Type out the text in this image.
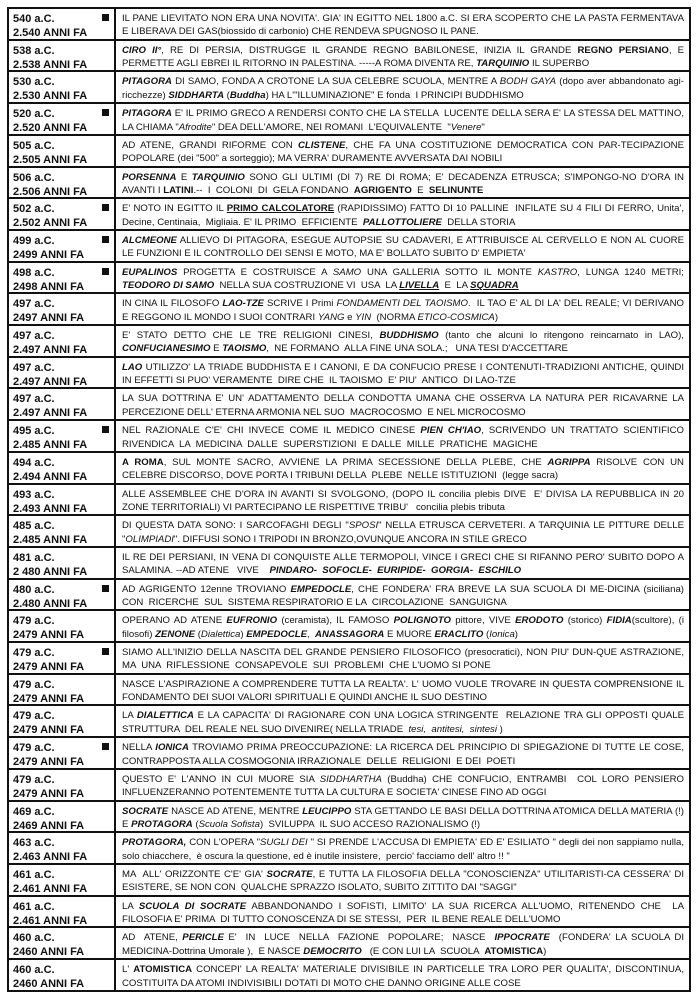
540 a.C.
2.540 ANNI FA
IL PANE LIEVITATO NON ERA UNA NOVITA'. GIA' IN EGITTO NEL 1800 a.C. SI ERA SCOPERTO CHE LA PASTA FERMENTAVA E LIBERAVA DEI GAS(biossido di carbonio) CHE RENDEVA SPUGNOSO IL PANE.
538 a.C.
2.538 ANNI FA
CIRO II°, RE DI PERSIA, DISTRUGGE IL GRANDE REGNO BABILONESE, INIZIA IL GRANDE REGNO PERSIANO, E PERMETTE AGLI EBREI IL RITORNO IN PALESTINA. -----A ROMA DIVENTA RE, TARQUINIO IL SUPERBO
530 a.C.
2.530 ANNI FA
PITAGORA DI SAMO, FONDA A CROTONE LA SUA CELEBRE SCUOLA, MENTRE A BODH GAYA (dopo aver abbandonato agi-ricchezze) SIDDHARTA (Buddha) HA L'"ILLUMINAZIONE" E fonda  I PRINCIPI BUDDHISMO
520 a.C.
2.520 ANNI FA
PITAGORA E' IL PRIMO GRECO A RENDERSI CONTO CHE LA STELLA  LUCENTE DELLA SERA E' LA STESSA DEL MATTINO, LA CHIAMA "Afrodite" DEA DELL'AMORE, NEI ROMANI  L'EQUIVALENTE  "Venere"
505 a.C.
2.505 ANNI FA
AD ATENE, GRANDI RIFORME CON CLISTENE, CHE FA UNA COSTITUZIONE DEMOCRATICA CON PAR-TECIPAZIONE POPOLARE (dei "500" a sorteggio); MA VERRA' DURAMENTE AVVERSATA DAI NOBILI
506 a.C.
2.506 ANNI FA
PORSENNA E TARQUINIO SONO GLI ULTIMI (DI 7) RE DI ROMA; E' DECADENZA ETRUSCA; S'IMPONGO-NO D'ORA IN AVANTI I LATINI.--  I  COLONI  DI  GELA FONDANO  AGRIGENTO  E  SELINUNTE
502 a.C.
2.502 ANNI FA
E' NOTO IN EGITTO IL PRIMO CALCOLATORE (RAPIDISSIMO) FATTO DI 10 PALLINE  INFILATE SU 4 FILI DI FERRO, Unita', Decine, Centinaia,  Migliaia. E' IL PRIMO  EFFICIENTE  PALLOTTOLIERE  DELLA STORIA
499 a.C.
2499 ANNI FA
ALCMEONE ALLIEVO DI PITAGORA, ESEGUE AUTOPSIE SU CADAVERI, E ATTRIBUISCE AL CERVELLO E NON AL CUORE LE FUNZIONI E IL CONTROLLO DEI SENSI E MOTO, MA E' BOLLATO SUBITO D' EMPIETA'
498 a.C.
2498 ANNI FA
EUPALINOS PROGETTA E COSTRUISCE A SAMO UNA GALLERIA SOTTO IL MONTE KASTRO, LUNGA 1240 METRI; TEODORO DI SAMO  NELLA SUA COSTRUZIONE VI  USA  LA LIVELLA  E  LA SQUADRA
497 a.C.
2497 ANNI FA
IN CINA IL FILOSOFO LAO-TZE SCRIVE I Primi FONDAMENTI DEL TAOISMO.  IL TAO E' AL DI LA' DEL REALE; VI DERIVANO E REGGONO IL MONDO I SUOI CONTRARI YANG e YIN  (NORMA ETICO-COSMICA)
497 a.C.
2.497 ANNI FA
E' STATO DETTO CHE LE TRE RELIGIONI CINESI, BUDDHISMO (tanto che alcuni lo ritengono reincarnato in LAO), CONFUCIANESIMO E TAOISMO,  NE FORMANO  ALLA FINE UNA SOLA.;   UNA TESI D'ACCETTARE
497 a.C.
2.497 ANNI FA
LAO UTILIZZO' LA TRIADE BUDDHISTA E I CANONI, E DA CONFUCIO PRESE I CONTENUTI-TRADIZIONI ANTICHE, QUINDI IN EFFETTI SI PUO' VERAMENTE  DIRE CHE  IL TAOISMO  E' PIU'  ANTICO  DI LAO-TZE
497 a.C.
2.497 ANNI FA
LA SUA DOTTRINA E' UN' ADATTAMENTO DELLA CONDOTTA UMANA CHE OSSERVA LA NATURA PER RICAVARNE LA PERCEZIONE DELL' ETERNA ARMONIA NEL SUO  MACROCOSMO  E NEL MICROCOSMO
495 a.C.
2.485 ANNI FA
NEL RAZIONALE C'E' CHI INVECE COME IL MEDICO CINESE PIEN CH'IAO, SCRIVENDO UN TRATTATO SCIENTIFICO RIVENDICA  LA  MEDICINA  DALLE  SUPERSTIZIONI  E DALLE  MILLE  PRATICHE  MAGICHE
494 a.C.
2.494 ANNI FA
A ROMA, SUL MONTE SACRO, AVVIENE LA PRIMA SECESSIONE DELLA PLEBE, CHE AGRIPPA RISOLVE CON UN CELEBRE DISCORSO, DOVE PORTA I TRIBUNI DELLA  PLEBE  NELLE ISTITUZIONI  (legge sacra)
493 a.C.
2.493 ANNI FA
ALLE ASSEMBLEE CHE D'ORA IN AVANTI SI SVOLGONO, (DOPO IL concilia plebis DIVE  E' DIVISA LA REPUBBLICA IN 20 ZONE TERRITORIALI) VI PARTECIPANO LE RISPETTIVE TRIBU'   concilia plebis tributa
485 a.C.
2.485 ANNI FA
DI QUESTA DATA SONO: I SARCOFAGHI DEGLI "SPOSI" NELLA ETRUSCA CERVETERI. A TARQUINIA LE PITTURE DELLE "OLIMPIADI". DIFFUSI SONO I TRIPODI IN BRONZO,OVUNQUE ANCORA IN STILE GRECO
481 a.C.
2 480 ANNI FA
IL RE DEI PERSIANI, IN VENA DI CONQUISTE ALLE TERMOPOLI, VINCE I GRECI CHE SI RIFANNO PERO' SUBITO DOPO A SALAMINA. --AD ATENE   VIVE    PINDARO-  SOFOCLE-  EURIPIDE-  GORGIA-  ESCHILO
480 a.C.
2.480 ANNI FA
AD AGRIGENTO 12enne TROVIANO EMPEDOCLE, CHE FONDERA' FRA BREVE LA SUA SCUOLA DI ME-DICINA (siciliana) CON  RICERCHE  SUL  SISTEMA RESPIRATORIO E LA  CIRCOLAZIONE  SANGUIGNA
479 a.C.
2479 ANNI FA
OPERANO AD ATENE EUFRONIO (ceramista), IL FAMOSO POLIGNOTO pittore, VIVE ERODOTO (storico) FIDIA(scultore), (i filosofi) ZENONE (Dialettica) EMPEDOCLE,  ANASSAGORA E MUORE ERACLITO (Ionica)
479 a.C.
2479 ANNI FA
SIAMO ALL'INIZIO DELLA NASCITA DEL GRANDE PENSIERO FILOSOFICO (presocratici), NON PIU' DUN-QUE ASTRAZIONE,  MA  UNA  RIFLESSIONE  CONSAPEVOLE  SUI  PROBLEMI  CHE L'UOMO SI PONE
479 a.C.
2479 ANNI FA
NASCE L'ASPIRAZIONE A COMPRENDERE TUTTA LA REALTA'. L' UOMO VUOLE TROVARE IN QUESTA COMPRENSIONE IL FONDAMENTO DEI SUOI VALORI SPIRITUALI E QUINDI ANCHE IL SUO DESTINO
479 a.C.
2479 ANNI FA
LA DIALETTICA E LA CAPACITA' DI RAGIONARE CON UNA LOGICA STRINGENTE  RELAZIONE TRA GLI OPPOSTI QUALE STRUTTURA  DEL REALE NEL SUO DIVENIRE( NELLA TRIADE  tesi,  antitesi,  sintesi )
479 a.C.
2479 ANNI FA
NELLA IONICA TROVIAMO PRIMA PREOCCUPAZIONE: LA RICERCA DEL PRINCIPIO DI SPIEGAZIONE DI TUTTE LE COSE, CONTRAPPOSTA ALLA COSMOGONIA IRRAZIONALE  DELLE  RELIGIONI  E DEI  POETI
479 a.C.
2479 ANNI FA
QUESTO E' L'ANNO IN CUI MUORE SIA SIDDHARTHA (Buddha) CHE CONFUCIO, ENTRAMBI  COL LORO PENSIERO INFLUENZERANNO POTENTEMENTE TUTTA LA CULTURA E SOCIETA' CINESE FINO AD OGGI
469 a.C.
2469 ANNI FA
SOCRATE NASCE AD ATENE, MENTRE LEUCIPPO STA GETTANDO LE BASI DELLA DOTTRINA ATOMICA DELLA MATERIA (!)  E PROTAGORA (Scuola Sofista)  SVILUPPA  IL SUO ACCESO RAZIONALISMO (!)
463 a.C.
2.463 ANNI FA
PROTAGORA, CON L'OPERA "SUGLI DEI " SI PRENDE L'ACCUSA DI EMPIETA' ED E' ESILIATO " degli dei non sappiamo nulla, solo chiacchere,  è oscura la questione, ed è inutile insistere,  percio' facciamo dell' altro !! "
461 a.C.
2.461 ANNI FA
MA  ALL' ORIZZONTE C'E' GIA' SOCRATE, E TUTTA LA FILOSOFIA DELLA "CONOSCIENZA" UTILITARISTI-CA CESSERA' DI ESISTERE, SE NON CON  QUALCHE SPRAZZO ISOLATO, SUBITO ZITTITO DAI "SAGGI"
461 a.C.
2.461 ANNI FA
LA SCUOLA DI SOCRATE ABBANDONANDO I SOFISTI, LIMITO' LA SUA RICERCA ALL'UOMO, RITENENDO CHE  LA FILOSOFIA E' PRIMA  DI TUTTO CONOSCENZA DI SE STESSI,  PER  IL BENE REALE DELL'UOMO
460 a.C.
2460 ANNI FA
AD  ATENE, PERICLE E'  IN  LUCE  NELLA  FAZIONE  POPOLARE;  NASCE  IPPOCRATE  (FONDERA' LA SCUOLA DI MEDICINA-Dottrina Umorale ),  E NASCE DEMOCRITO   (E CON LUI LA  SCUOLA  ATOMISTICA)
460 a.C.
2460 ANNI FA
L' ATOMISTICA CONCEPI' LA REALTA' MATERIALE DIVISIBILE IN PARTICELLE TRA LORO PER QUALITA', DISCONTINUA, COSTITUITA DA ATOMI INDIVISIBILI DOTATI DI MOTO CHE DANNO ORIGINE ALLE COSE
